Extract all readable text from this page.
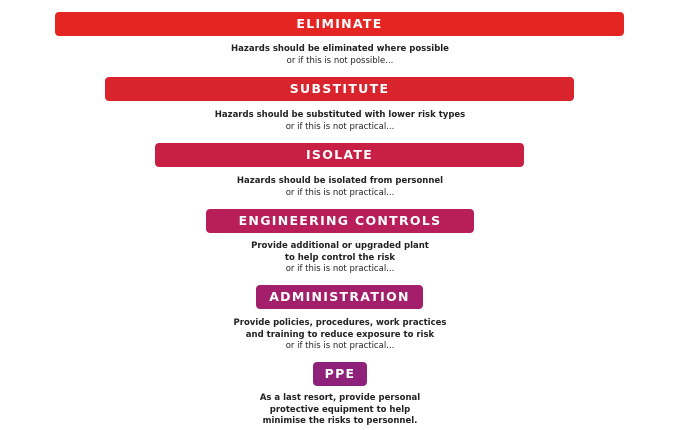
ELIMINATE
Hazards should be eliminated where possible
or if this is not possible...
SUBSTITUTE
Hazards should be substituted with lower risk types
or if this is not practical...
ISOLATE
Hazards should be isolated from personnel
or if this is not practical...
ENGINEERING CONTROLS
Provide additional or upgraded plant
to help control the risk
or if this is not practical...
ADMINISTRATION
Provide policies, procedures, work practices
and training to reduce exposure to risk
or if this is not practical...
PPE
As a last resort, provide personal
protective equipment to help
minimise the risks to personnel.
